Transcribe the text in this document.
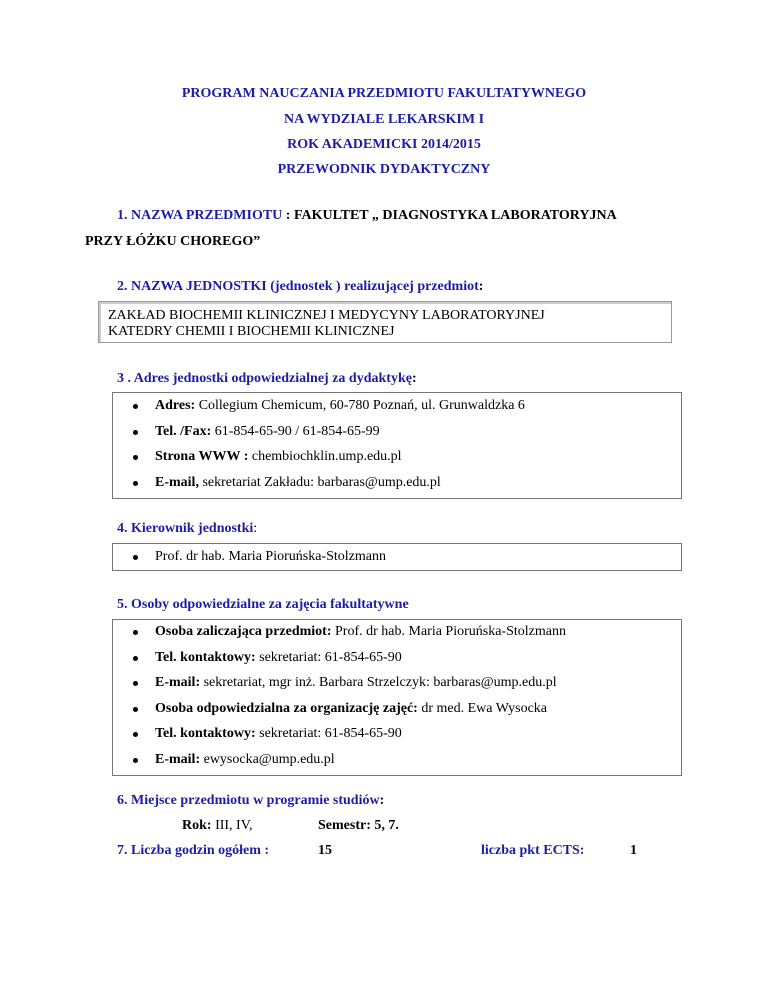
PROGRAM NAUCZANIA PRZEDMIOTU FAKULTATYWNEGO
NA WYDZIALE LEKARSKIM I
ROK AKADEMICKI 2014/2015
PRZEWODNIK DYDAKTYCZNY
1. NAZWA PRZEDMIOTU : FAKULTET „ DIAGNOSTYKA LABORATORYJNA
PRZY ŁÓŻKU CHOREGO”
2. NAZWA JEDNOSTKI (jednostek ) realizującej przedmiot:
ZAKŁAD BIOCHEMII KLINICZNEJ I MEDYCYNY LABORATORYJNEJ
KATEDRY CHEMII I BIOCHEMII KLINICZNEJ
3 . Adres jednostki odpowiedzialnej za dydaktykę:
Adres: Collegium Chemicum, 60-780 Poznań, ul. Grunwaldzka 6
Tel. /Fax: 61-854-65-90 / 61-854-65-99
Strona WWW : chembiochklin.ump.edu.pl
E-mail, sekretariat Zakładu: barbaras@ump.edu.pl
4. Kierownik jednostki:
Prof. dr hab. Maria Pioruńska-Stolzmann
5. Osoby odpowiedzialne za zajęcia fakultatywne
Osoba zaliczająca przedmiot: Prof. dr hab. Maria Pioruńska-Stolzmann
Tel. kontaktowy: sekretariat: 61-854-65-90
E-mail: sekretariat, mgr inż. Barbara Strzelczyk: barbaras@ump.edu.pl
Osoba odpowiedzialna za organizację zajęć: dr med. Ewa Wysocka
Tel. kontaktowy: sekretariat: 61-854-65-90
E-mail: ewysocka@ump.edu.pl
6. Miejsce przedmiotu w programie studiów:
Rok: III, IV,	Semestr: 5, 7.
7. Liczba godzin ogółem :	15	liczba pkt ECTS:	1
